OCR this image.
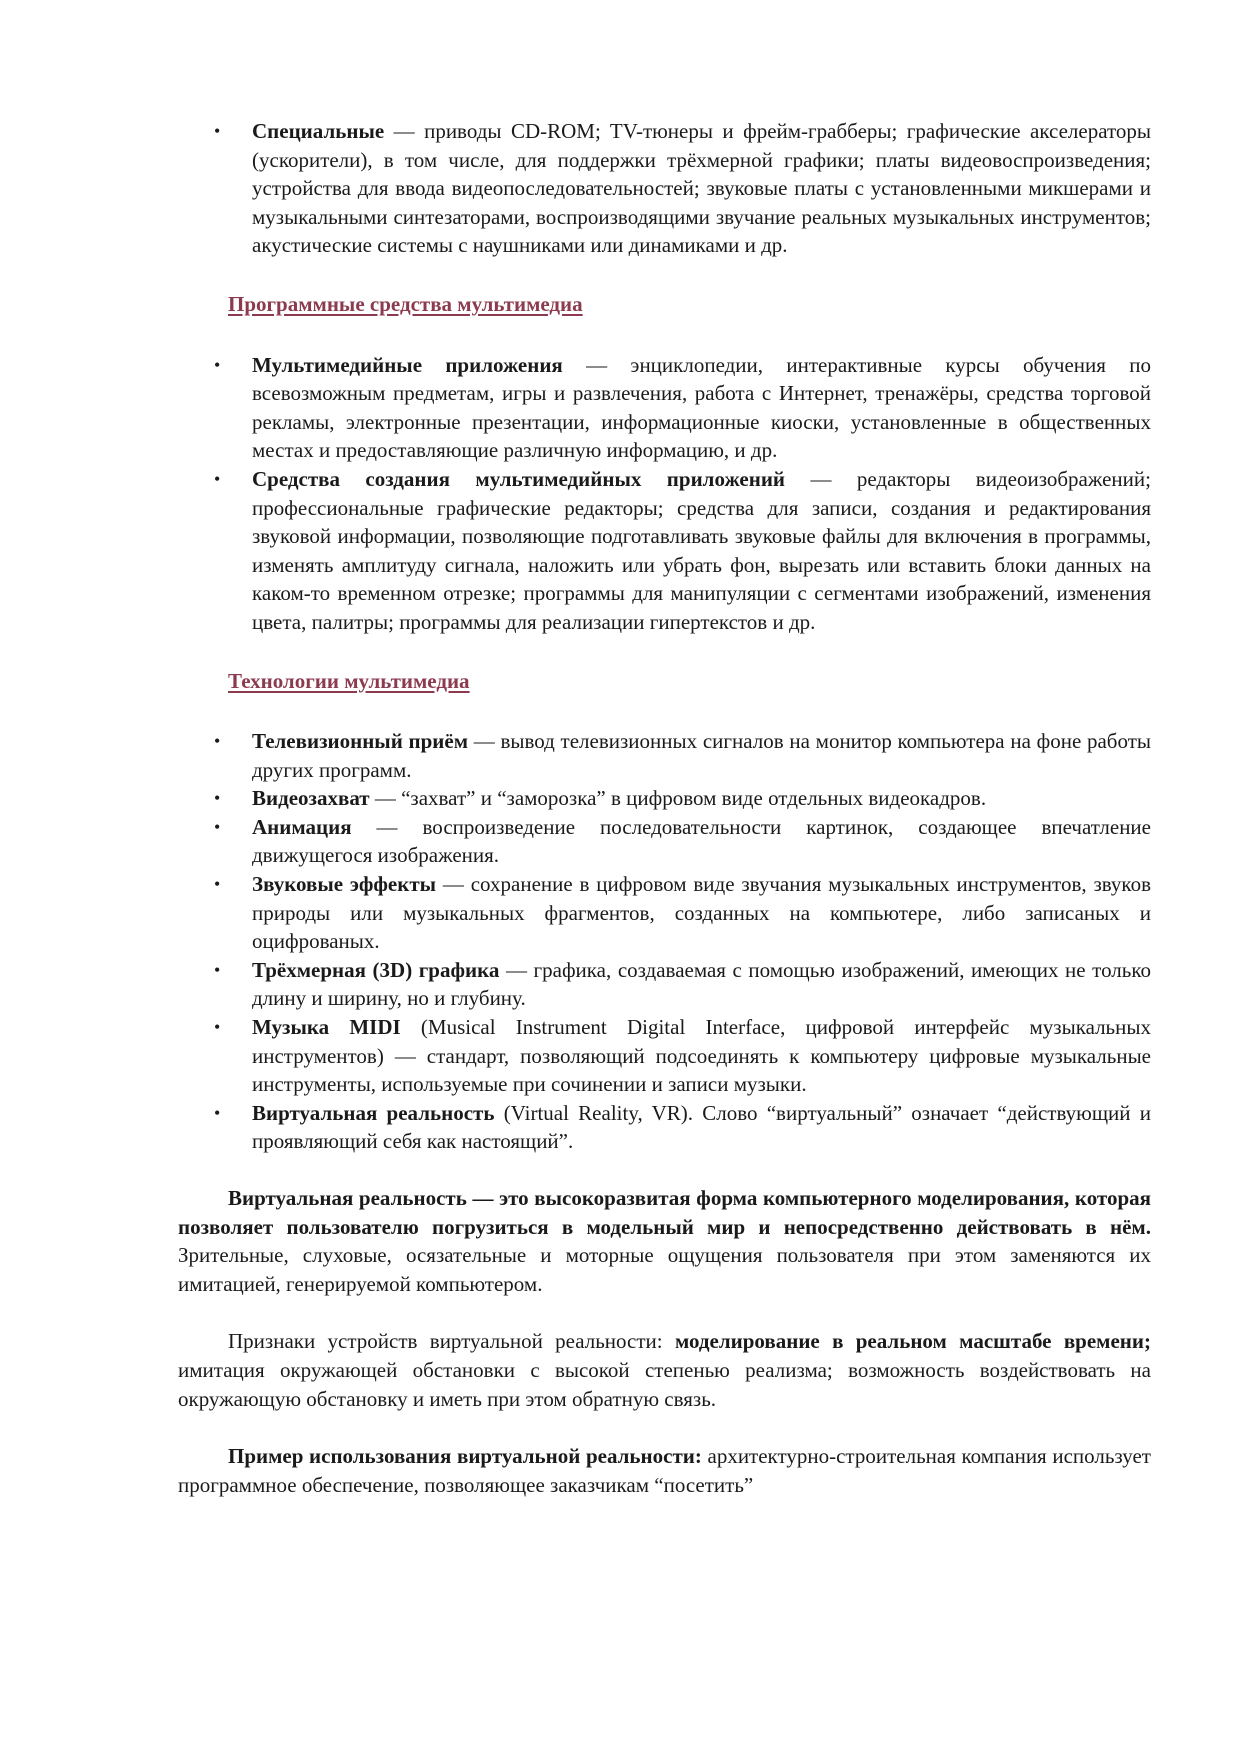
• Специальные — приводы CD-ROM; TV-тюнеры и фрейм-грабберы; графические акселераторы (ускорители), в том числе, для поддержки трёхмерной графики; платы видеовоспроизведения; устройства для ввода видеопоследовательностей; звуковые платы с установленными микшерами и музыкальными синтезаторами, воспроизводящими звучание реальных музыкальных инструментов; акустические системы с наушниками или динамиками и др.
Программные средства мультимедиа
• Мультимедийные приложения — энциклопедии, интерактивные курсы обучения по всевозможным предметам, игры и развлечения, работа с Интернет, тренажёры, средства торговой рекламы, электронные презентации, информационные киоски, установленные в общественных местах и предоставляющие различную информацию, и др.
• Средства создания мультимедийных приложений — редакторы видеоизображений; профессиональные графические редакторы; средства для записи, создания и редактирования звуковой информации, позволяющие подготавливать звуковые файлы для включения в программы, изменять амплитуду сигнала, наложить или убрать фон, вырезать или вставить блоки данных на каком-то временном отрезке; программы для манипуляции с сегментами изображений, изменения цвета, палитры; программы для реализации гипертекстов и др.
Технологии мультимедиа
• Телевизионный приём — вывод телевизионных сигналов на монитор компьютера на фоне работы других программ.
• Видеозахват — “захват” и “заморозка” в цифровом виде отдельных видеокадров.
• Анимация — воспроизведение последовательности картинок, создающее впечатление движущегося изображения.
• Звуковые эффекты — сохранение в цифровом виде звучания музыкальных инструментов, звуков природы или музыкальных фрагментов, созданных на компьютере, либо записаных и оцифрованых.
• Трёхмерная (3D) графика — графика, создаваемая с помощью изображений, имеющих не только длину и ширину, но и глубину.
• Музыка MIDI (Musical Instrument Digital Interface, цифровой интерфейс музыкальных инструментов) — стандарт, позволяющий подсоединять к компьютеру цифровые музыкальные инструменты, используемые при сочинении и записи музыки.
• Виртуальная реальность (Virtual Reality, VR). Слово “виртуальный” означает “действующий и проявляющий себя как настоящий”.

Виртуальная реальность — это высокоразвитая форма компьютерного моделирования, которая позволяет пользователю погрузиться в модельный мир и непосредственно действовать в нём. Зрительные, слуховые, осязательные и моторные ощущения пользователя при этом заменяются их имитацией, генерируемой компьютером.

Признаки устройств виртуальной реальности: моделирование в реальном масштабе времени; имитация окружающей обстановки с высокой степенью реализма; возможность воздействовать на окружающую обстановку и иметь при этом обратную связь.

Пример использования виртуальной реальности: архитектурно-строительная компания использует программное обеспечение, позволяющее заказчикам “посетить”
